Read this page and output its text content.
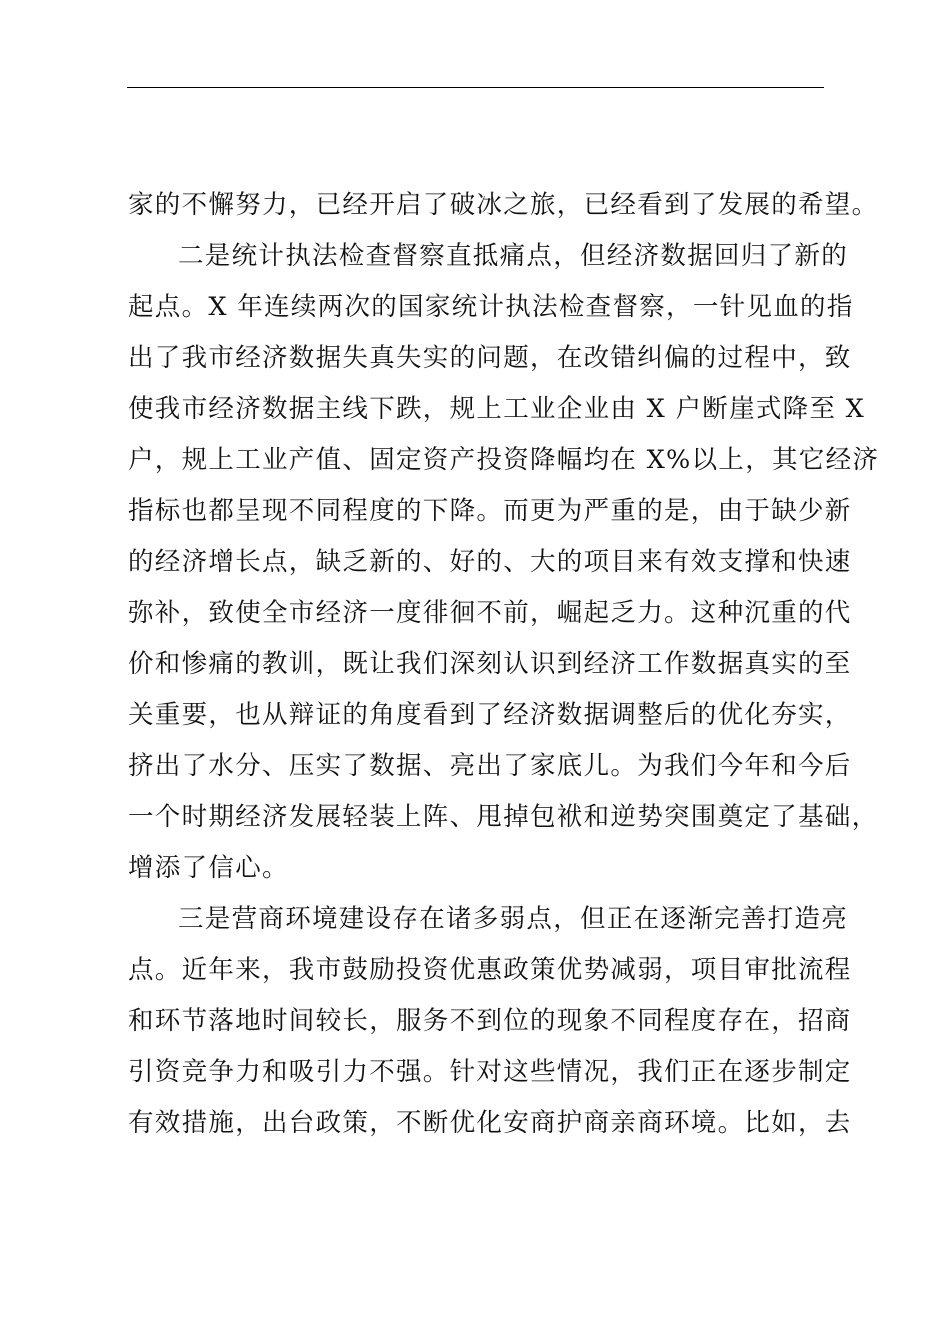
家的不懈努力，已经开启了破冰之旅，已经看到了发展的希望。
二是统计执法检查督察直抵痛点，但经济数据回归了新的
起点。X 年连续两次的国家统计执法检查督察，一针见血的指
出了我市经济数据失真失实的问题，在改错纠偏的过程中，致
使我市经济数据主线下跌，规上工业企业由 X 户断崖式降至 X
户，规上工业产值、固定资产投资降幅均在 X%以上，其它经济
指标也都呈现不同程度的下降。而更为严重的是，由于缺少新
的经济增长点，缺乏新的、好的、大的项目来有效支撑和快速
弥补，致使全市经济一度徘徊不前，崛起乏力。这种沉重的代
价和惨痛的教训，既让我们深刻认识到经济工作数据真实的至
关重要，也从辩证的角度看到了经济数据调整后的优化夯实，
挤出了水分、压实了数据、亮出了家底儿。为我们今年和今后
一个时期经济发展轻装上阵、甩掉包袱和逆势突围奠定了基础，
增添了信心。
三是营商环境建设存在诸多弱点，但正在逐渐完善打造亮
点。近年来，我市鼓励投资优惠政策优势减弱，项目审批流程
和环节落地时间较长，服务不到位的现象不同程度存在，招商
引资竞争力和吸引力不强。针对这些情况，我们正在逐步制定
有效措施，出台政策，不断优化安商护商亲商环境。比如，去
